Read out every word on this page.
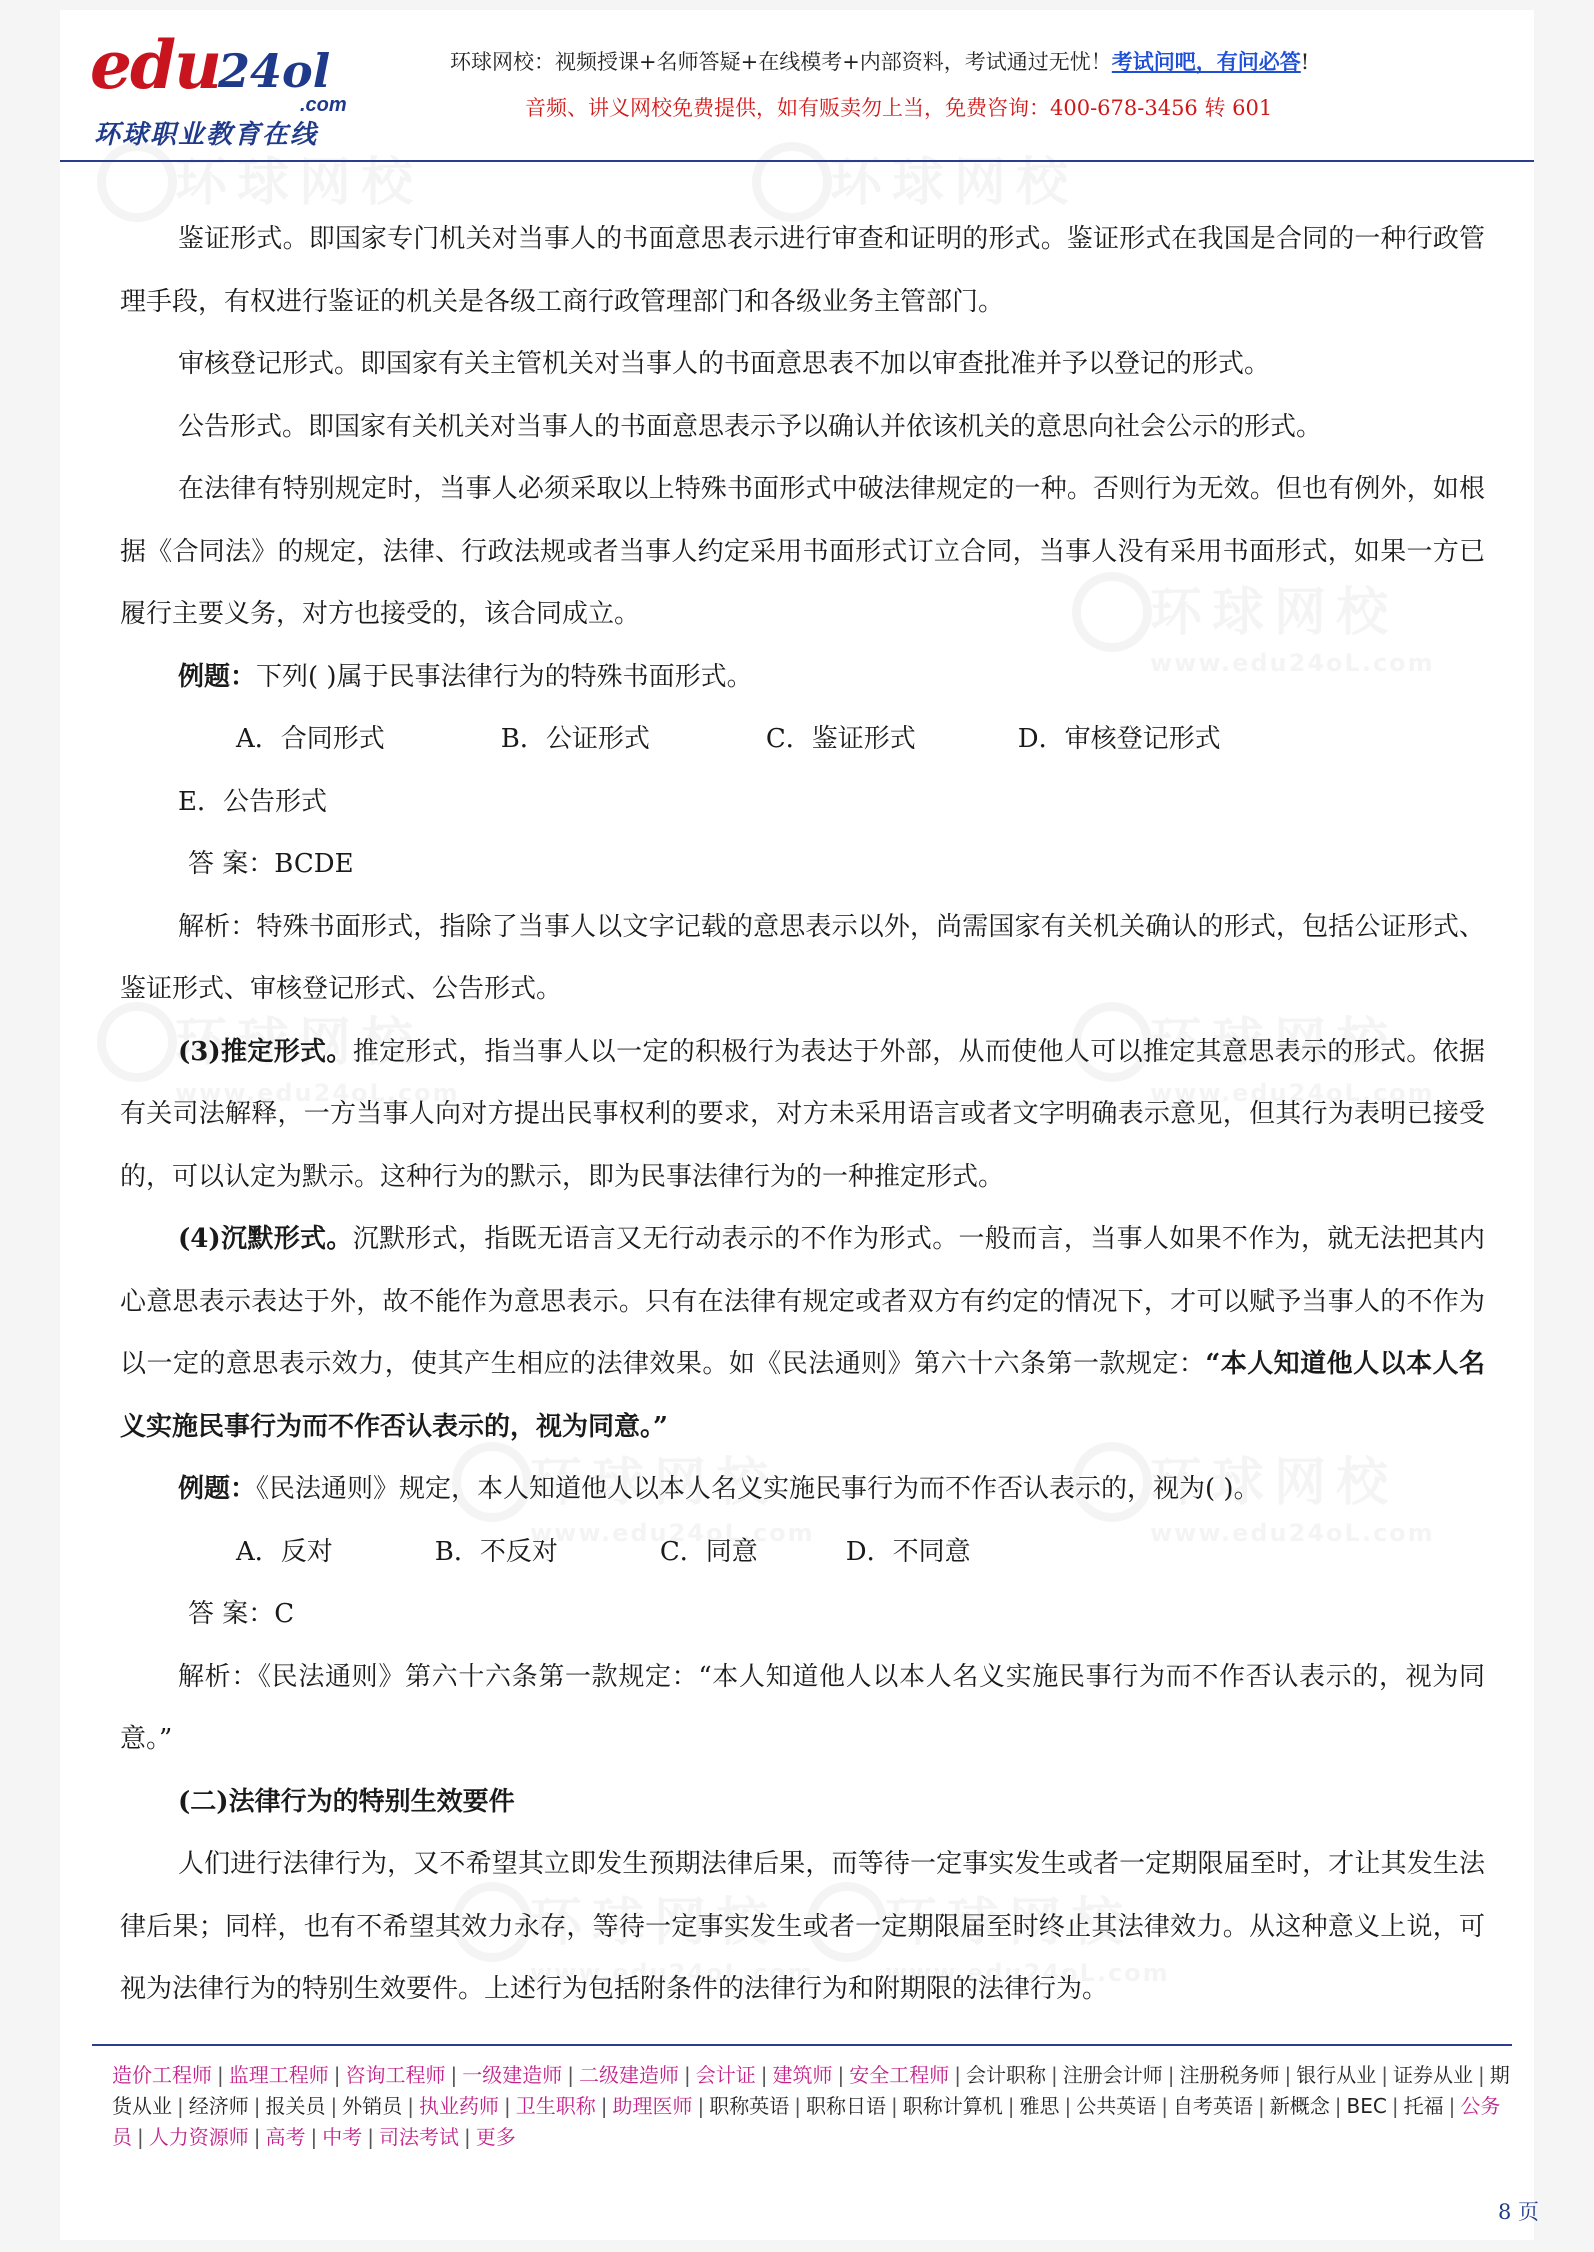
edu
24ol
.com
环球职业教育在线
环球网校：视频授课+名师答疑+在线模考+内部资料，考试通过无忧！考试问吧，有问必答!
音频、讲义网校免费提供，如有贩卖勿上当，免费咨询：400-678-3456 转 601

鉴证形式。即国家专门机关对当事人的书面意思表示进行审查和证明的形式。鉴证形式在我国是合同的一种行政管理手段，有权进行鉴证的机关是各级工商行政管理部门和各级业务主管部门。

审核登记形式。即国家有关主管机关对当事人的书面意思表不加以审查批准并予以登记的形式。

公告形式。即国家有关机关对当事人的书面意思表示予以确认并依该机关的意思向社会公示的形式。

在法律有特别规定时，当事人必须采取以上特殊书面形式中破法律规定的一种。否则行为无效。但也有例外，如根据《合同法》的规定，法律、行政法规或者当事人约定采用书面形式订立合同，当事人没有采用书面形式，如果一方已履行主要义务，对方也接受的，该合同成立。

例题：下列( )属于民事法律行为的特殊书面形式。

A．合同形式	B．公证形式	C．鉴证形式	D．审核登记形式E．公告形式

答 案：BCDE

解析：特殊书面形式，指除了当事人以文字记载的意思表示以外，尚需国家有关机关确认的形式，包括公证形式、鉴证形式、审核登记形式、公告形式。

(3)推定形式。推定形式，指当事人以一定的积极行为表达于外部，从而使他人可以推定其意思表示的形式。依据有关司法解释，一方当事人向对方提出民事权利的要求，对方未采用语言或者文字明确表示意见，但其行为表明已接受的，可以认定为默示。这种行为的默示，即为民事法律行为的一种推定形式。

(4)沉默形式。沉默形式，指既无语言又无行动表示的不作为形式。一般而言，当事人如果不作为，就无法把其内心意思表示表达于外，故不能作为意思表示。只有在法律有规定或者双方有约定的情况下，才可以赋予当事人的不作为以一定的意思表示效力，使其产生相应的法律效果。如《民法通则》第六十六条第一款规定：“本人知道他人以本人名义实施民事行为而不作否认表示的，视为同意。”

例题：《民法通则》规定，本人知道他人以本人名义实施民事行为而不作否认表示的，视为( )。

A．反对	B．不反对	C．同意	D．不同意

答 案：C

解析：《民法通则》第六十六条第一款规定：“本人知道他人以本人名义实施民事行为而不作否认表示的，视为同意。”

(二)法律行为的特别生效要件

人们进行法律行为，又不希望其立即发生预期法律后果，而等待一定事实发生或者一定期限届至时，才让其发生法律后果；同样，也有不希望其效力永存，等待一定事实发生或者一定期限届至时终止其法律效力。从这种意义上说，可视为法律行为的特别生效要件。上述行为包括附条件的法律行为和附期限的法律行为。

造价工程师 | 监理工程师 | 咨询工程师 | 一级建造师 | 二级建造师 | 会计证 | 建筑师 | 安全工程师 | 会计职称 | 注册会计师 | 注册税务师 | 银行从业 | 证券从业 | 期货从业 | 经济师 | 报关员 | 外销员 | 执业药师 | 卫生职称 | 助理医师 | 职称英语 | 职称日语 | 职称计算机 | 雅思 | 公共英语 | 自考英语 | 新概念 | BEC | 托福 | 公务员 | 人力资源师 | 高考 | 中考 | 司法考试 | 更多
8 页
